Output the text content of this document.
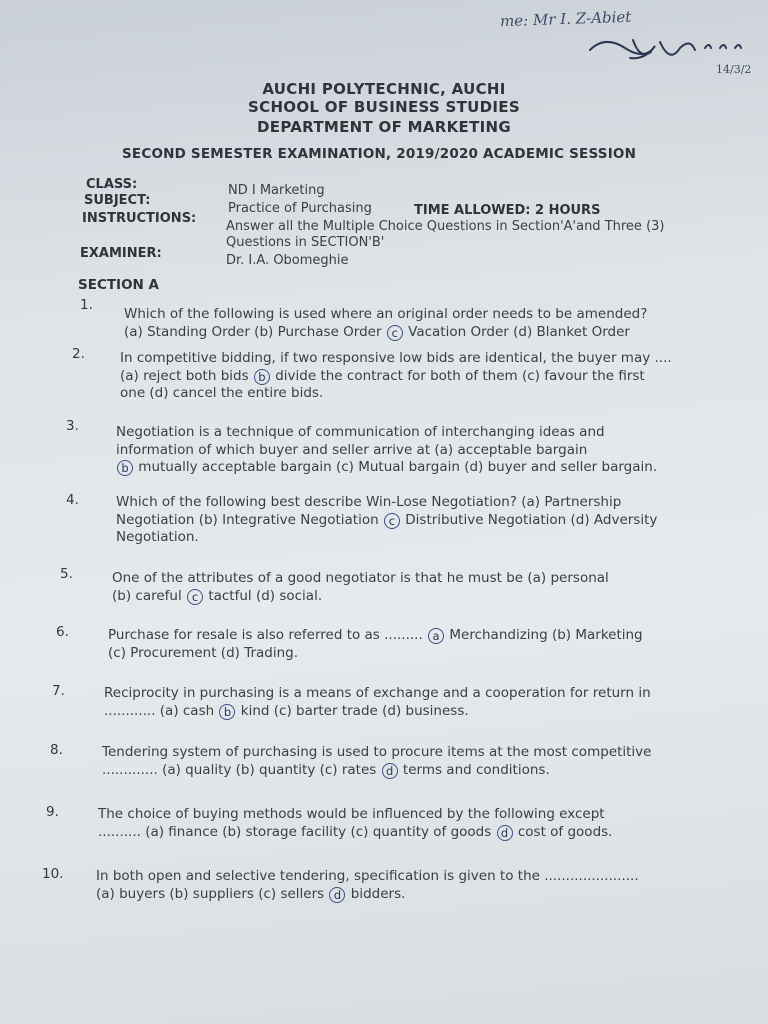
me: Mr I. Z-Abiet
14/3/2
AUCHI POLYTECHNIC, AUCHI
SCHOOL OF BUSINESS STUDIES
DEPARTMENT OF MARKETING
SECOND SEMESTER EXAMINATION, 2019/2020 ACADEMIC SESSION
CLASS:	ND I Marketing
SUBJECT:
Practice of Purchasing	TIME ALLOWED: 2 HOURS
INSTRUCTIONS:
Answer all the Multiple Choice Questions in Section'A'and Three (3)
Questions in SECTION'B'
EXAMINER:	Dr. I.A. Obomeghie
SECTION A
1.
Which of the following is used where an original order needs to be amended?
(a) Standing Order (b) Purchase Order c Vacation Order (d) Blanket Order
2.	In competitive bidding, if two responsive low bids are identical, the buyer may ....
(a) reject both bids b divide the contract for both of them (c) favour the first
one (d) cancel the entire bids.
3.	Negotiation is a technique of communication of interchanging ideas and
information of which buyer and seller arrive at (a) acceptable bargain
b mutually acceptable bargain (c) Mutual bargain (d) buyer and seller bargain.
4.	Which of the following best describe Win-Lose Negotiation? (a) Partnership
Negotiation (b) Integrative Negotiation c Distributive Negotiation (d) Adversity
Negotiation.
5.	One of the attributes of a good negotiator is that he must be (a) personal
(b) careful c tactful (d) social.
6.	Purchase for resale is also referred to as ......... a Merchandizing (b) Marketing
(c) Procurement (d) Trading.
7.	Reciprocity in purchasing is a means of exchange and a cooperation for return in
............ (a) cash b kind (c) barter trade (d) business.
8.	Tendering system of purchasing is used to procure items at the most competitive
............. (a) quality (b) quantity (c) rates d terms and conditions.
9.	The choice of buying methods would be influenced by the following except
.......... (a) finance (b) storage facility (c) quantity of goods d cost of goods.
10. In both open and selective tendering, specification is given to the ......................
(a) buyers (b) suppliers (c) sellers d bidders.
